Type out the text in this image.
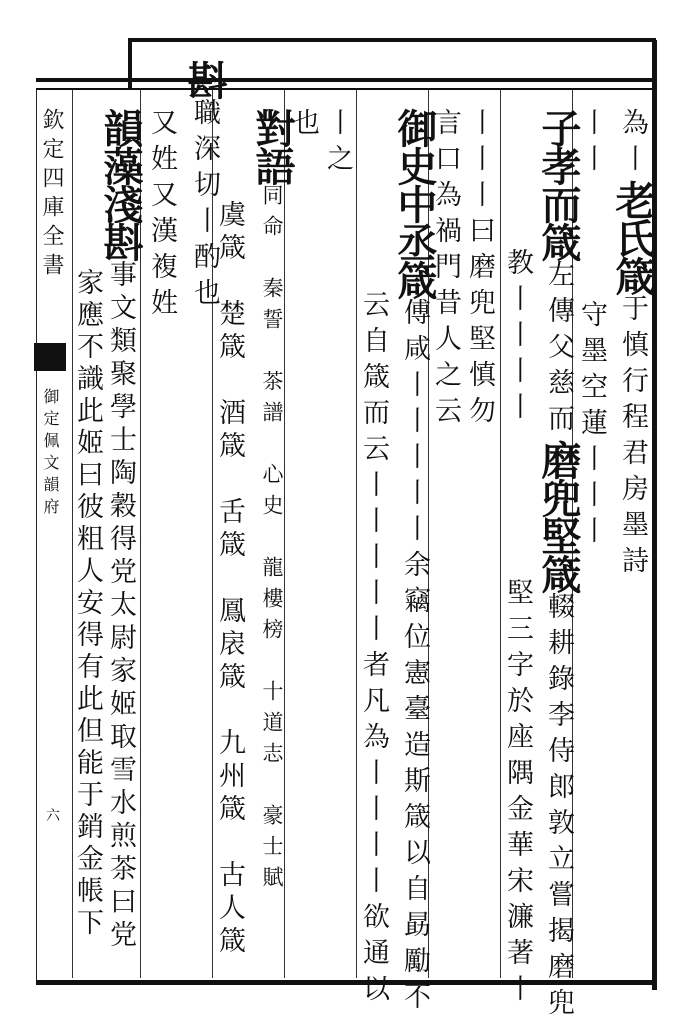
欽定四庫全書
御定佩文韻府
六
為丨老氏箴于慎行程君房墨詩
丨丨守墨空蓮丨丨丨
子孝而箴左傳父慈而磨兜堅箴輟耕錄李侍郎敦立嘗揭磨兜
教丨丨丨丨堅三字於座隅金華宋濂著丨
丨丨丨曰磨兜堅慎勿
言口為禍門昔人之云
御史中丞箴傅咸丨丨丨丨丨余竊位憲臺造斯箴以自勗勵不
云自箴而云丨丨丨丨丨者凡為丨丨丨丨欲通以
丨之
也
對語同命　秦誓　茶譜　心史　龍樓榜　十道志　豪士賦
虞箴　楚箴　酒箴　舌箴　鳳扆箴　九州箴　古人箴
斟職深切丨酌也
又姓又漢複姓
韻藻淺斟事文類聚學士陶穀得党太尉家姬取雪水煎茶曰党
家應不識此姬曰彼粗人安得有此但能于銷金帳下
